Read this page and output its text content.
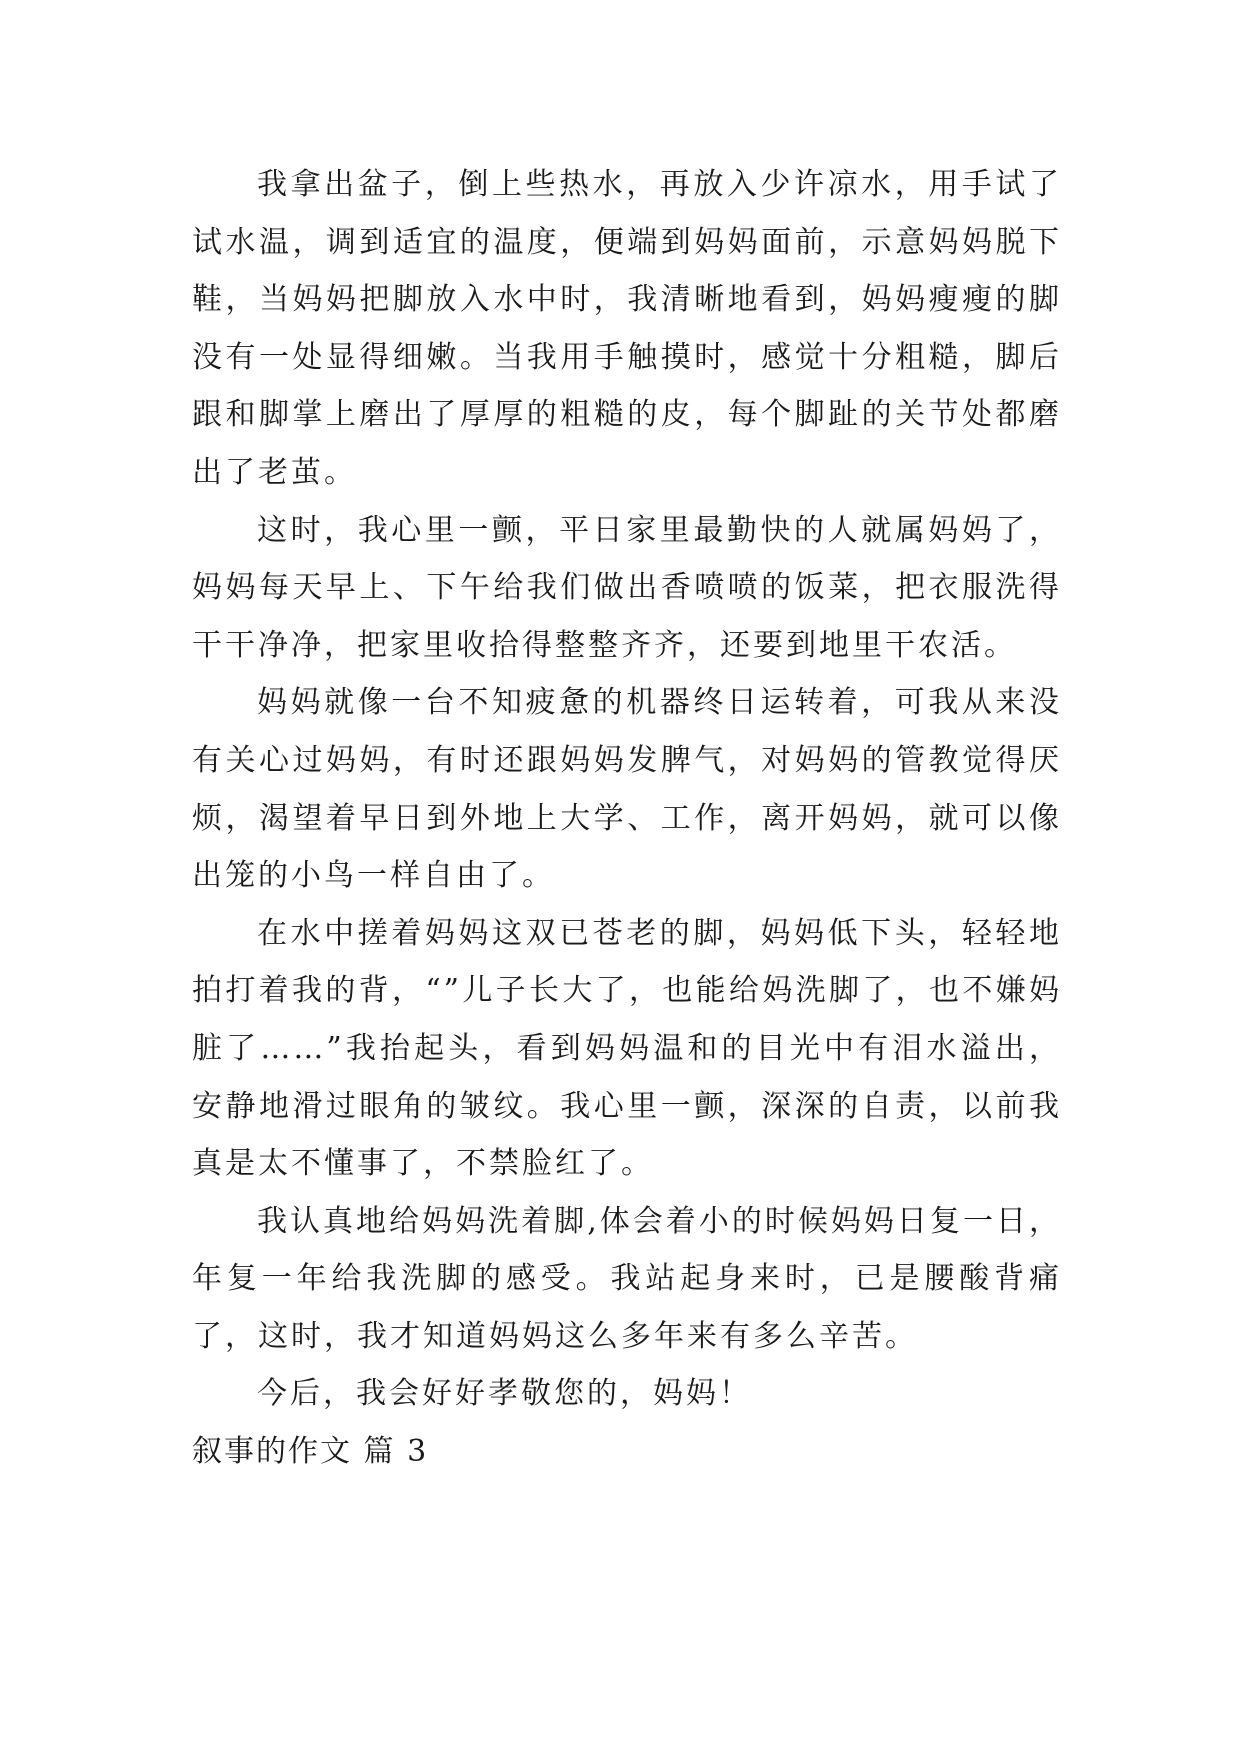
我拿出盆子，倒上些热水，再放入少许凉水，用手试了试水温，调到适宜的温度，便端到妈妈面前，示意妈妈脱下鞋，当妈妈把脚放入水中时，我清晰地看到，妈妈瘦瘦的脚没有一处显得细嫩。当我用手触摸时，感觉十分粗糙，脚后跟和脚掌上磨出了厚厚的粗糙的皮，每个脚趾的关节处都磨出了老茧。

这时，我心里一颤，平日家里最勤快的人就属妈妈了，妈妈每天早上、下午给我们做出香喷喷的饭菜，把衣服洗得干干净净，把家里收拾得整整齐齐，还要到地里干农活。

妈妈就像一台不知疲惫的机器终日运转着，可我从来没有关心过妈妈，有时还跟妈妈发脾气，对妈妈的管教觉得厌烦，渴望着早日到外地上大学、工作，离开妈妈，就可以像出笼的小鸟一样自由了。

在水中搓着妈妈这双已苍老的脚，妈妈低下头，轻轻地拍打着我的背，“”儿子长大了，也能给妈洗脚了，也不嫌妈脏了……”我抬起头，看到妈妈温和的目光中有泪水溢出，安静地滑过眼角的皱纹。我心里一颤，深深的自责，以前我真是太不懂事了，不禁脸红了。

我认真地给妈妈洗着脚,体会着小的时候妈妈日复一日，年复一年给我洗脚的感受。我站起身来时，已是腰酸背痛了，这时，我才知道妈妈这么多年来有多么辛苦。

今后，我会好好孝敬您的，妈妈！

叙事的作文 篇 3
